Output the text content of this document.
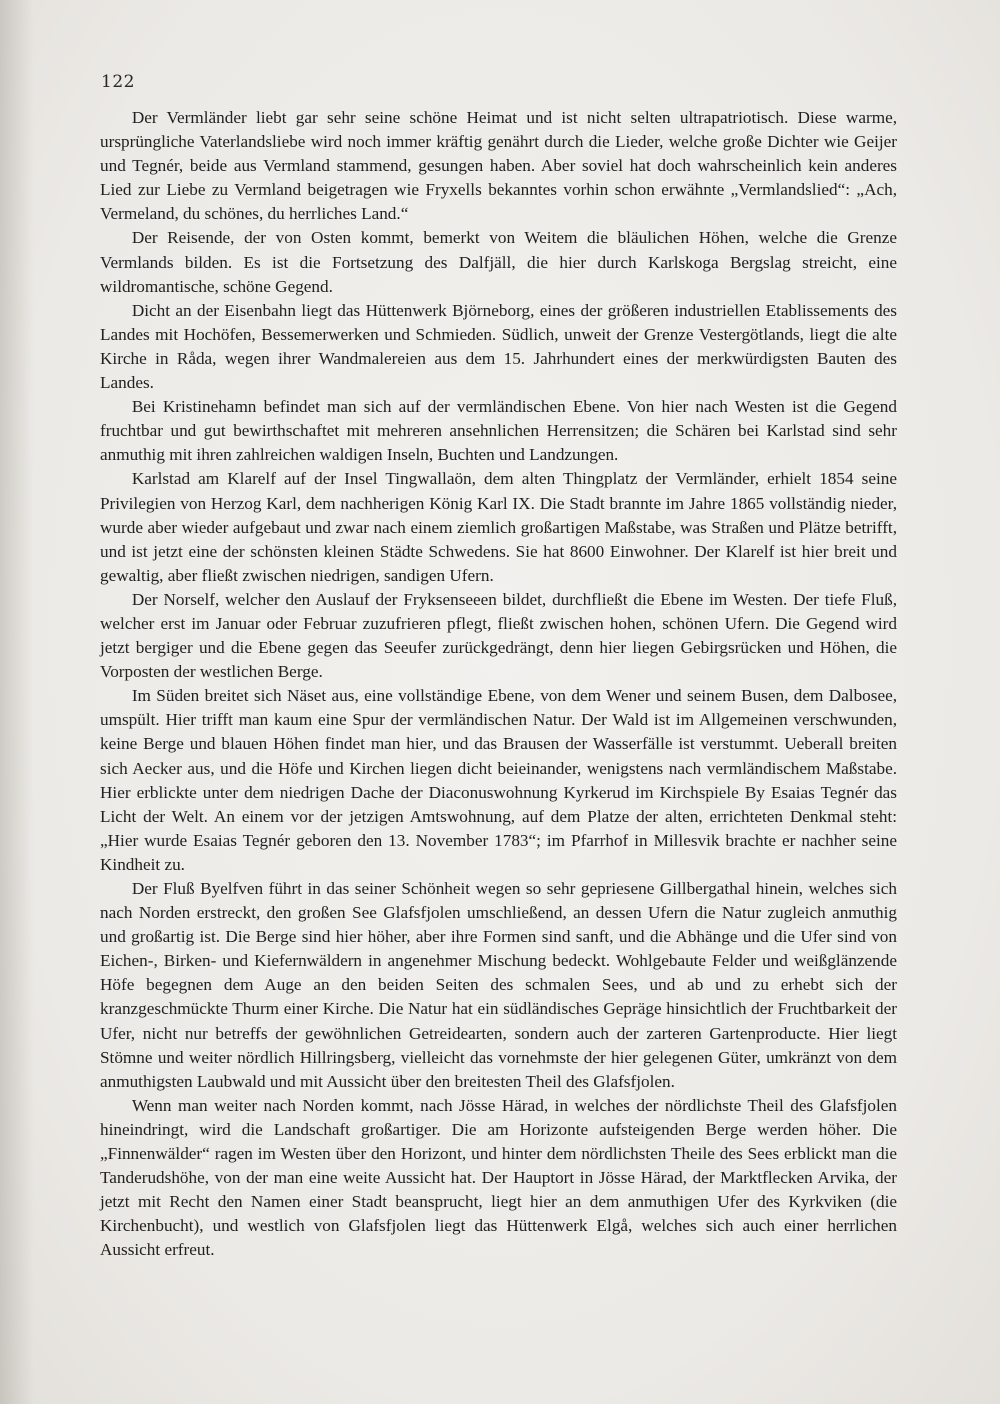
122

Der Vermländer liebt gar sehr seine schöne Heimat und ist nicht selten ultrapatriotisch. Diese warme, ursprüngliche Vaterlandsliebe wird noch immer kräftig genährt durch die Lieder, welche große Dichter wie Geijer und Tegnér, beide aus Vermland stammend, gesungen haben. Aber soviel hat doch wahrscheinlich kein anderes Lied zur Liebe zu Vermland beigetragen wie Fryxells bekanntes vorhin schon erwähnte „Vermlandslied“: „Ach, Vermeland, du schönes, du herrliches Land.“

Der Reisende, der von Osten kommt, bemerkt von Weitem die bläulichen Höhen, welche die Grenze Vermlands bilden. Es ist die Fortsetzung des Dalfjäll, die hier durch Karlskoga Bergslag streicht, eine wildromantische, schöne Gegend.

Dicht an der Eisenbahn liegt das Hüttenwerk Björneborg, eines der größeren industriellen Etablissements des Landes mit Hochöfen, Bessemerwerken und Schmieden. Südlich, unweit der Grenze Vestergötlands, liegt die alte Kirche in Råda, wegen ihrer Wandmalereien aus dem 15. Jahrhundert eines der merkwürdigsten Bauten des Landes.

Bei Kristinehamn befindet man sich auf der vermländischen Ebene. Von hier nach Westen ist die Gegend fruchtbar und gut bewirthschaftet mit mehreren ansehnlichen Herrensitzen; die Schären bei Karlstad sind sehr anmuthig mit ihren zahlreichen waldigen Inseln, Buchten und Landzungen.

Karlstad am Klarelf auf der Insel Tingwallaön, dem alten Thingplatz der Vermländer, erhielt 1854 seine Privilegien von Herzog Karl, dem nachherigen König Karl IX. Die Stadt brannte im Jahre 1865 vollständig nieder, wurde aber wieder aufgebaut und zwar nach einem ziemlich großartigen Maßstabe, was Straßen und Plätze betrifft, und ist jetzt eine der schönsten kleinen Städte Schwedens. Sie hat 8600 Einwohner. Der Klarelf ist hier breit und gewaltig, aber fließt zwischen niedrigen, sandigen Ufern.

Der Norself, welcher den Auslauf der Fryksenseeen bildet, durchfließt die Ebene im Westen. Der tiefe Fluß, welcher erst im Januar oder Februar zuzufrieren pflegt, fließt zwischen hohen, schönen Ufern. Die Gegend wird jetzt bergiger und die Ebene gegen das Seeufer zurückgedrängt, denn hier liegen Gebirgsrücken und Höhen, die Vorposten der westlichen Berge.

Im Süden breitet sich Näset aus, eine vollständige Ebene, von dem Wener und seinem Busen, dem Dalbosee, umspült. Hier trifft man kaum eine Spur der vermländischen Natur. Der Wald ist im Allgemeinen verschwunden, keine Berge und blauen Höhen findet man hier, und das Brausen der Wasserfälle ist verstummt. Ueberall breiten sich Aecker aus, und die Höfe und Kirchen liegen dicht beieinander, wenigstens nach vermländischem Maßstabe. Hier erblickte unter dem niedrigen Dache der Diaconuswohnung Kyrkerud im Kirchspiele By Esaias Tegnér das Licht der Welt. An einem vor der jetzigen Amtswohnung, auf dem Platze der alten, errichteten Denkmal steht: „Hier wurde Esaias Tegnér geboren den 13. November 1783“; im Pfarrhof in Millesvik brachte er nachher seine Kindheit zu.

Der Fluß Byelfven führt in das seiner Schönheit wegen so sehr gepriesene Gillbergathal hinein, welches sich nach Norden erstreckt, den großen See Glafsfjolen umschließend, an dessen Ufern die Natur zugleich anmuthig und großartig ist. Die Berge sind hier höher, aber ihre Formen sind sanft, und die Abhänge und die Ufer sind von Eichen-, Birken- und Kiefernwäldern in angenehmer Mischung bedeckt. Wohlgebaute Felder und weißglänzende Höfe begegnen dem Auge an den beiden Seiten des schmalen Sees, und ab und zu erhebt sich der kranzgeschmückte Thurm einer Kirche. Die Natur hat ein südländisches Gepräge hinsichtlich der Fruchtbarkeit der Ufer, nicht nur betreffs der gewöhnlichen Getreidearten, sondern auch der zarteren Gartenproducte. Hier liegt Stömne und weiter nördlich Hillringsberg, vielleicht das vornehmste der hier gelegenen Güter, umkränzt von dem anmuthigsten Laubwald und mit Aussicht über den breitesten Theil des Glafsfjolen.

Wenn man weiter nach Norden kommt, nach Jösse Härad, in welches der nördlichste Theil des Glafsfjolen hineindringt, wird die Landschaft großartiger. Die am Horizonte aufsteigenden Berge werden höher. Die „Finnenwälder“ ragen im Westen über den Horizont, und hinter dem nördlichsten Theile des Sees erblickt man die Tanderudshöhe, von der man eine weite Aussicht hat. Der Hauptort in Jösse Härad, der Marktflecken Arvika, der jetzt mit Recht den Namen einer Stadt beansprucht, liegt hier an dem anmuthigen Ufer des Kyrkviken (die Kirchenbucht), und westlich von Glafsfjolen liegt das Hüttenwerk Elgå, welches sich auch einer herrlichen Aussicht erfreut.
